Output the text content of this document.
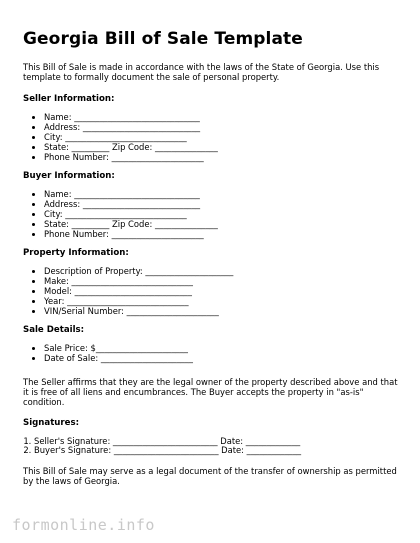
Georgia Bill of Sale Template

This Bill of Sale is made in accordance with the laws of the State of Georgia. Use this template to formally document the sale of personal property.

Seller Information:
• Name: ______________________________
• Address: ____________________________
• City: _____________________________
• State: _________ Zip Code: _______________
• Phone Number: ______________________
Buyer Information:
• Name: ______________________________
• Address: ____________________________
• City: _____________________________
• State: _________ Zip Code: _______________
• Phone Number: ______________________
Property Information:
• Description of Property: _____________________
• Make: _____________________________
• Model: ____________________________
• Year: _____________________________
• VIN/Serial Number: ______________________
Sale Details:
• Sale Price: $______________________
• Date of Sale: ______________________

The Seller affirms that they are the legal owner of the property described above and that it is free of all liens and encumbrances. The Buyer accepts the property in "as-is" condition.

Signatures:
1. Seller's Signature: _________________________ Date: _____________
2. Buyer's Signature: _________________________ Date: _____________

This Bill of Sale may serve as a legal document of the transfer of ownership as permitted by the laws of Georgia.

formonline.info
